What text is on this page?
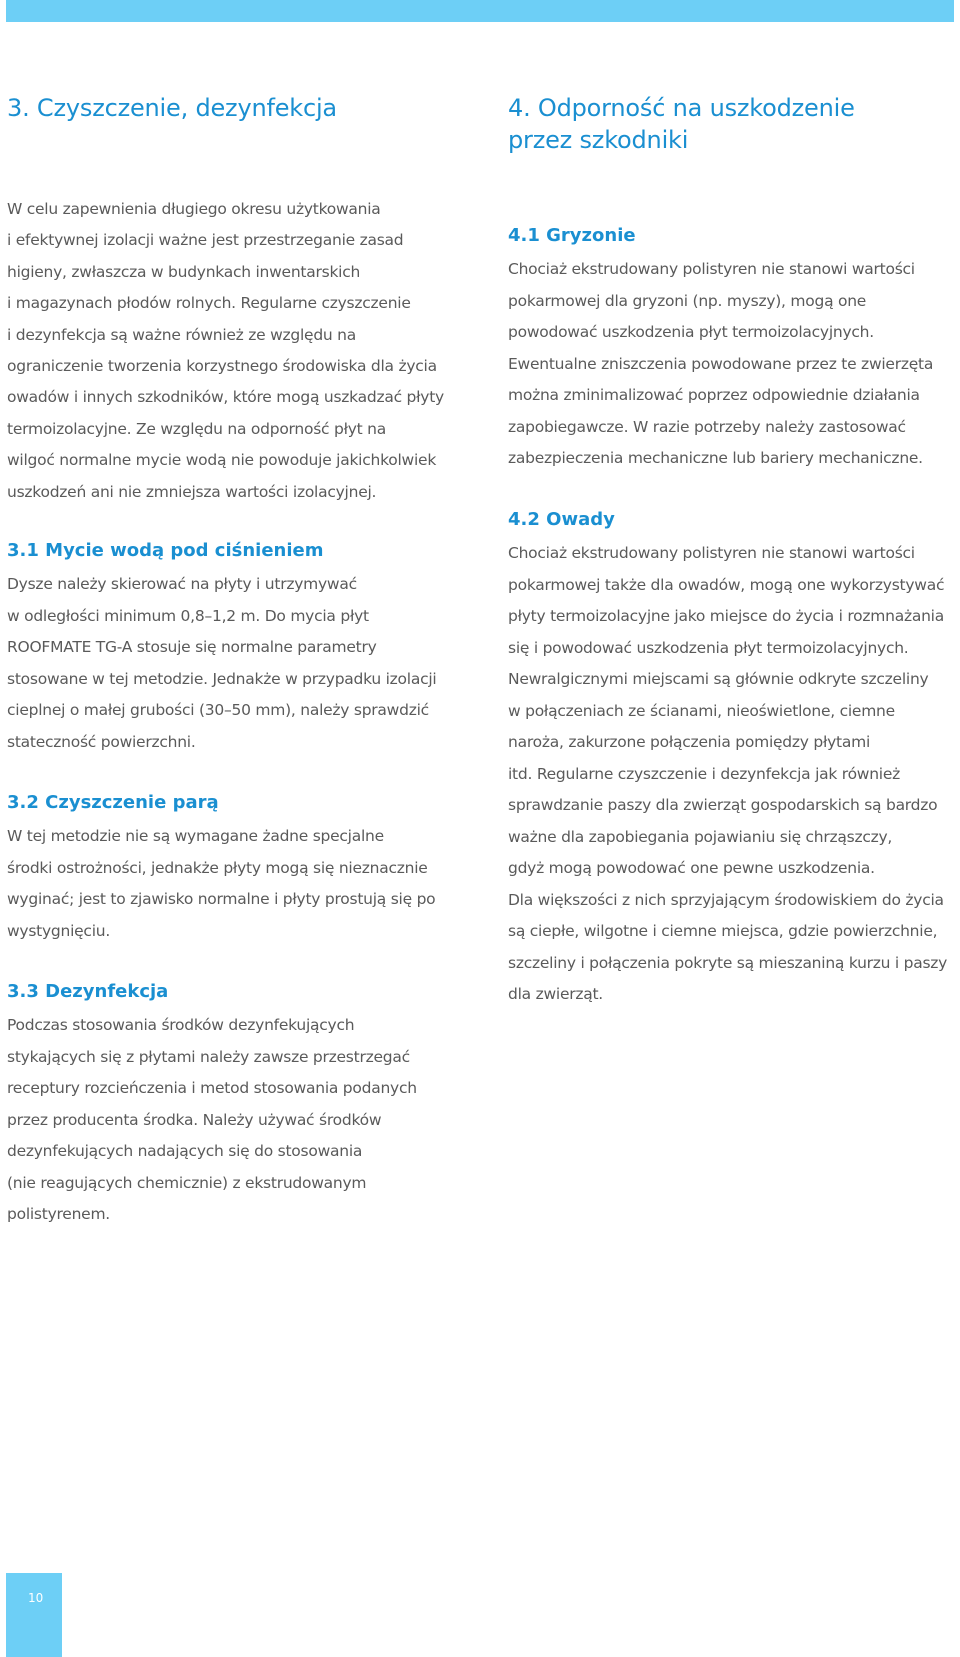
3. Czyszczenie, dezynfekcja
W celu zapewnienia długiego okresu użytkowania
i efektywnej izolacji ważne jest przestrzeganie zasad
higieny, zwłaszcza w budynkach inwentarskich
i magazynach płodów rolnych. Regularne czyszczenie
i dezynfekcja są ważne również ze względu na
ograniczenie tworzenia korzystnego środowiska dla życia
owadów i innych szkodników, które mogą uszkadzać płyty
termoizolacyjne. Ze względu na odporność płyt na
wilgoć normalne mycie wodą nie powoduje jakichkolwiek
uszkodzeń ani nie zmniejsza wartości izolacyjnej.
3.1 Mycie wodą pod ciśnieniem
Dysze należy skierować na płyty i utrzymywać
w odległości minimum 0,8–1,2 m. Do mycia płyt
ROOFMATE TG-A stosuje się normalne parametry
stosowane w tej metodzie. Jednakże w przypadku izolacji
cieplnej o małej grubości (30–50 mm), należy sprawdzić
stateczność powierzchni.
3.2 Czyszczenie parą
W tej metodzie nie są wymagane żadne specjalne
środki ostrożności, jednakże płyty mogą się nieznacznie
wyginać; jest to zjawisko normalne i płyty prostują się po
wystygnięciu.
3.3 Dezynfekcja
Podczas stosowania środków dezynfekujących
stykających się z płytami należy zawsze przestrzegać
receptury rozcieńczenia i metod stosowania podanych
przez producenta środka. Należy używać środków
dezynfekujących nadających się do stosowania
(nie reagujących chemicznie) z ekstrudowanym
polistyrenem.
4. Odporność na uszkodzenie
przez szkodniki
4.1 Gryzonie
Chociaż ekstrudowany polistyren nie stanowi wartości
pokarmowej dla gryzoni (np. myszy), mogą one
powodować uszkodzenia płyt termoizolacyjnych.
Ewentualne zniszczenia powodowane przez te zwierzęta
można zminimalizować poprzez odpowiednie działania
zapobiegawcze. W razie potrzeby należy zastosować
zabezpieczenia mechaniczne lub bariery mechaniczne.
4.2 Owady
Chociaż ekstrudowany polistyren nie stanowi wartości
pokarmowej także dla owadów, mogą one wykorzystywać
płyty termoizolacyjne jako miejsce do życia i rozmnażania
się i powodować uszkodzenia płyt termoizolacyjnych.
Newralgicznymi miejscami są głównie odkryte szczeliny
w połączeniach ze ścianami, nieoświetlone, ciemne
naroża, zakurzone połączenia pomiędzy płytami
itd. Regularne czyszczenie i dezynfekcja jak również
sprawdzanie paszy dla zwierząt gospodarskich są bardzo
ważne dla zapobiegania pojawianiu się chrząszczy,
gdyż mogą powodować one pewne uszkodzenia.
Dla większości z nich sprzyjającym środowiskiem do życia
są ciepłe, wilgotne i ciemne miejsca, gdzie powierzchnie,
szczeliny i połączenia pokryte są mieszaniną kurzu i paszy
dla zwierząt.
10
